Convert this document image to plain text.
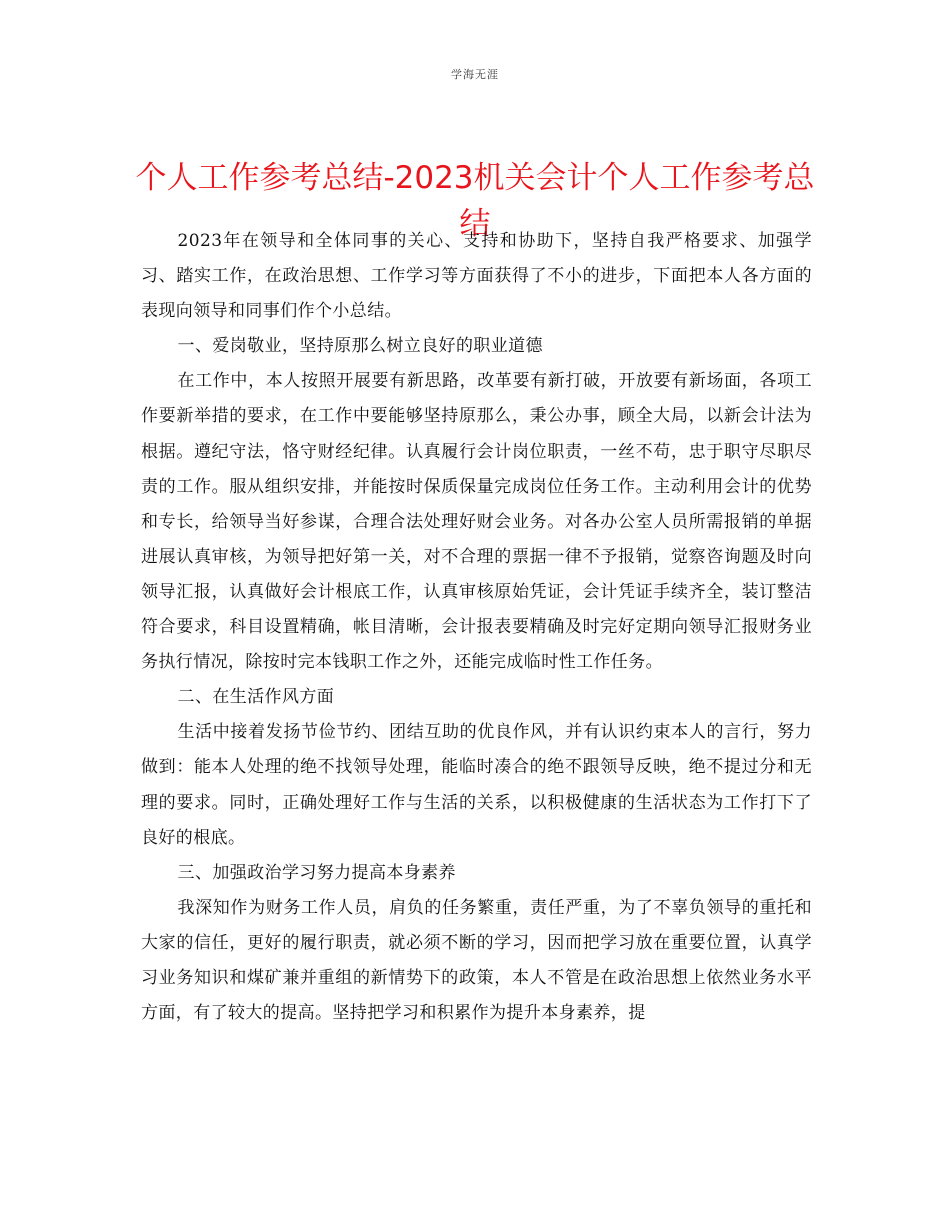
学海无涯
个人工作参考总结-2023机关会计个人工作参考总结

2023年在领导和全体同事的关心、支持和协助下，坚持自我严格要求、加强学习、踏实工作，在政治思想、工作学习等方面获得了不小的进步，下面把本人各方面的表现向领导和同事们作个小总结。

一、爱岗敬业，坚持原那么树立良好的职业道德

在工作中，本人按照开展要有新思路，改革要有新打破，开放要有新场面，各项工作要新举措的要求，在工作中要能够坚持原那么，秉公办事，顾全大局，以新会计法为根据。遵纪守法，恪守财经纪律。认真履行会计岗位职责，一丝不苟，忠于职守尽职尽责的工作。服从组织安排，并能按时保质保量完成岗位任务工作。主动利用会计的优势和专长，给领导当好参谋，合理合法处理好财会业务。对各办公室人员所需报销的单据进展认真审核，为领导把好第一关，对不合理的票据一律不予报销，觉察咨询题及时向领导汇报，认真做好会计根底工作，认真审核原始凭证，会计凭证手续齐全，装订整洁符合要求，科目设置精确，帐目清晰，会计报表要精确及时完好定期向领导汇报财务业务执行情况，除按时完本钱职工作之外，还能完成临时性工作任务。

二、在生活作风方面

生活中接着发扬节俭节约、团结互助的优良作风，并有认识约束本人的言行，努力做到：能本人处理的绝不找领导处理，能临时凑合的绝不跟领导反映，绝不提过分和无理的要求。同时，正确处理好工作与生活的关系，以积极健康的生活状态为工作打下了良好的根底。

三、加强政治学习努力提高本身素养

我深知作为财务工作人员，肩负的任务繁重，责任严重，为了不辜负领导的重托和大家的信任，更好的履行职责，就必须不断的学习，因而把学习放在重要位置，认真学习业务知识和煤矿兼并重组的新情势下的政策，本人不管是在政治思想上依然业务水平方面，有了较大的提高。坚持把学习和积累作为提升本身素养，提
